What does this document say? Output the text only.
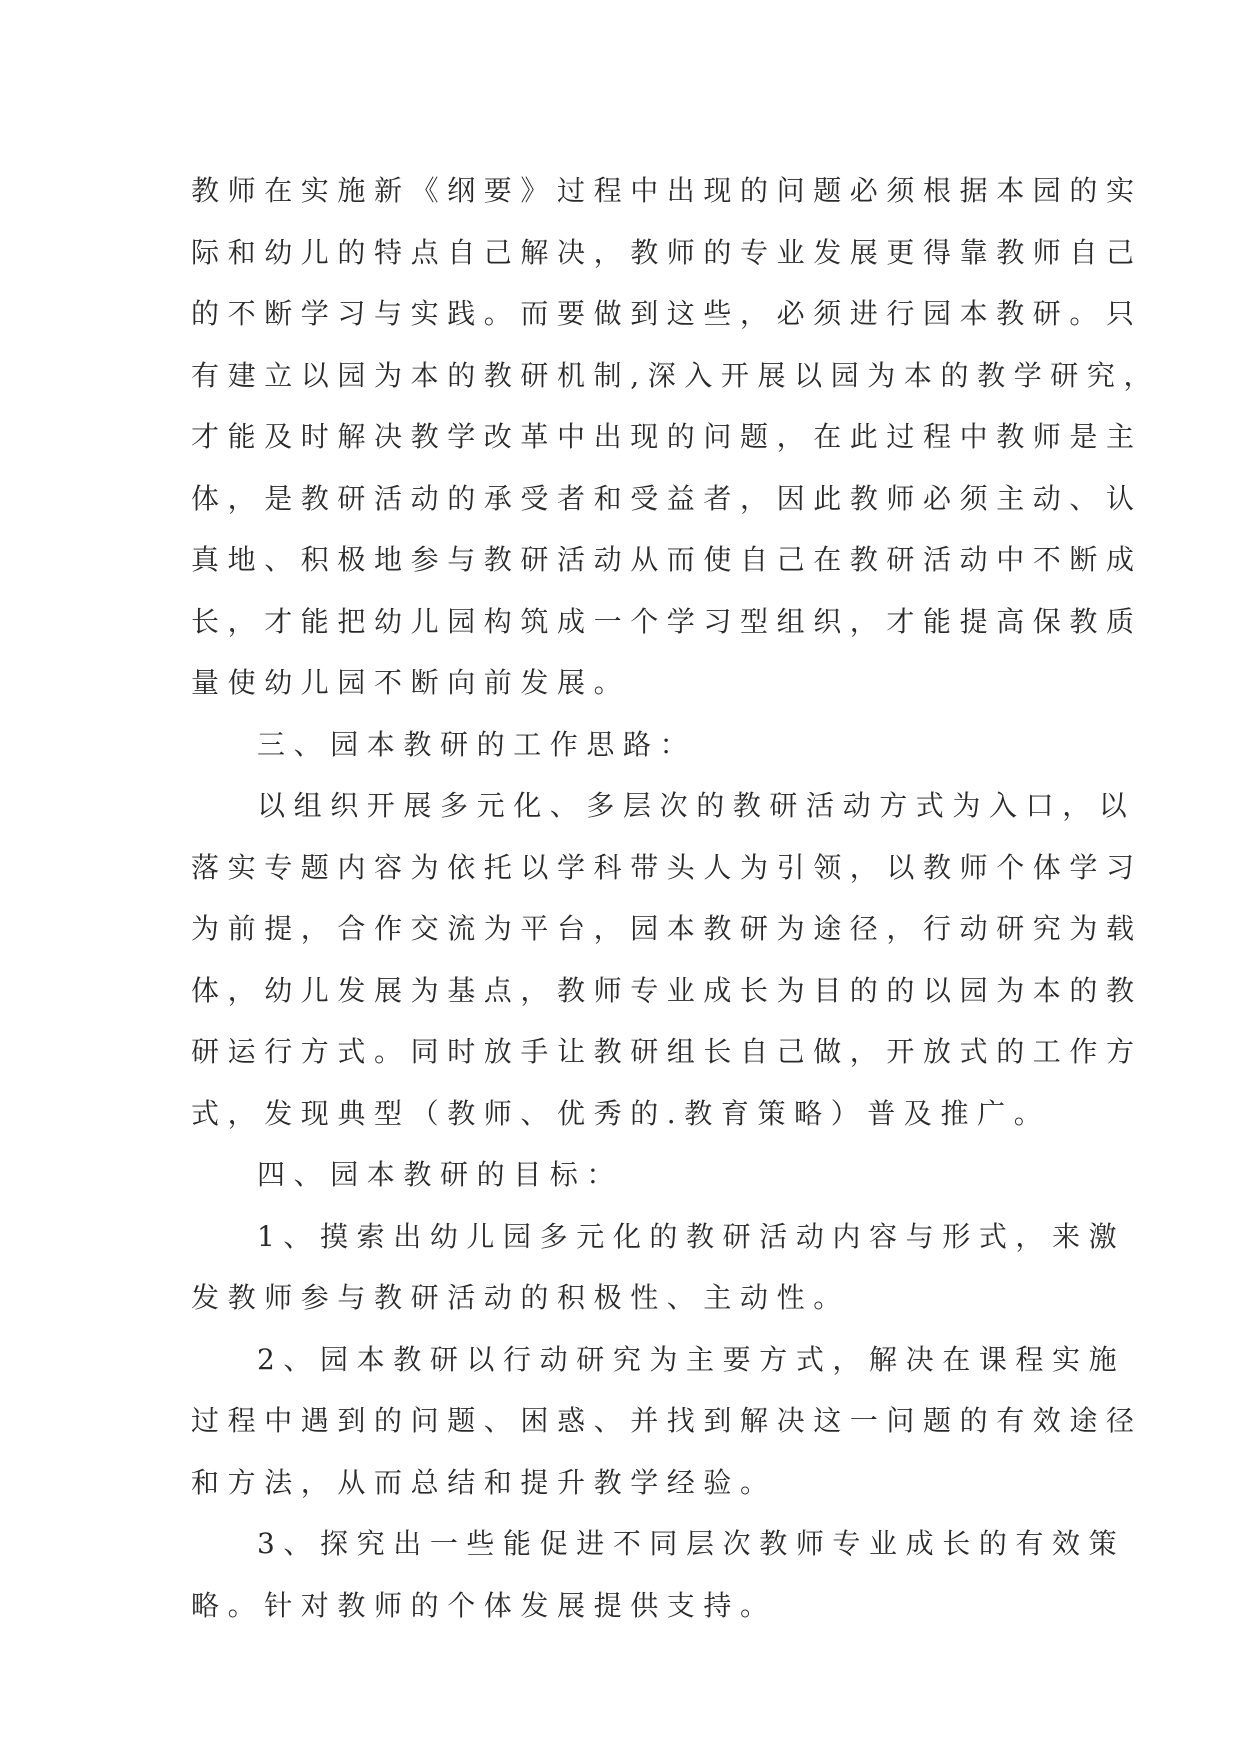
教师在实施新《纲要》过程中出现的问题必须根据本园的实
际和幼儿的特点自己解决，教师的专业发展更得靠教师自己
的不断学习与实践。而要做到这些，必须进行园本教研。只
有建立以园为本的教研机制,深入开展以园为本的教学研究，
才能及时解决教学改革中出现的问题，在此过程中教师是主
体，是教研活动的承受者和受益者，因此教师必须主动、认
真地、积极地参与教研活动从而使自己在教研活动中不断成
长，才能把幼儿园构筑成一个学习型组织，才能提高保教质
量使幼儿园不断向前发展。
三、园本教研的工作思路：
以组织开展多元化、多层次的教研活动方式为入口，以
落实专题内容为依托以学科带头人为引领，以教师个体学习
为前提，合作交流为平台，园本教研为途径，行动研究为载
体，幼儿发展为基点，教师专业成长为目的的以园为本的教
研运行方式。同时放手让教研组长自己做，开放式的工作方
式，发现典型（教师、优秀的.教育策略）普及推广。
四、园本教研的目标：
1、摸索出幼儿园多元化的教研活动内容与形式，来激
发教师参与教研活动的积极性、主动性。
2、园本教研以行动研究为主要方式，解决在课程实施
过程中遇到的问题、困惑、并找到解决这一问题的有效途径
和方法，从而总结和提升教学经验。
3、探究出一些能促进不同层次教师专业成长的有效策
略。针对教师的个体发展提供支持。
